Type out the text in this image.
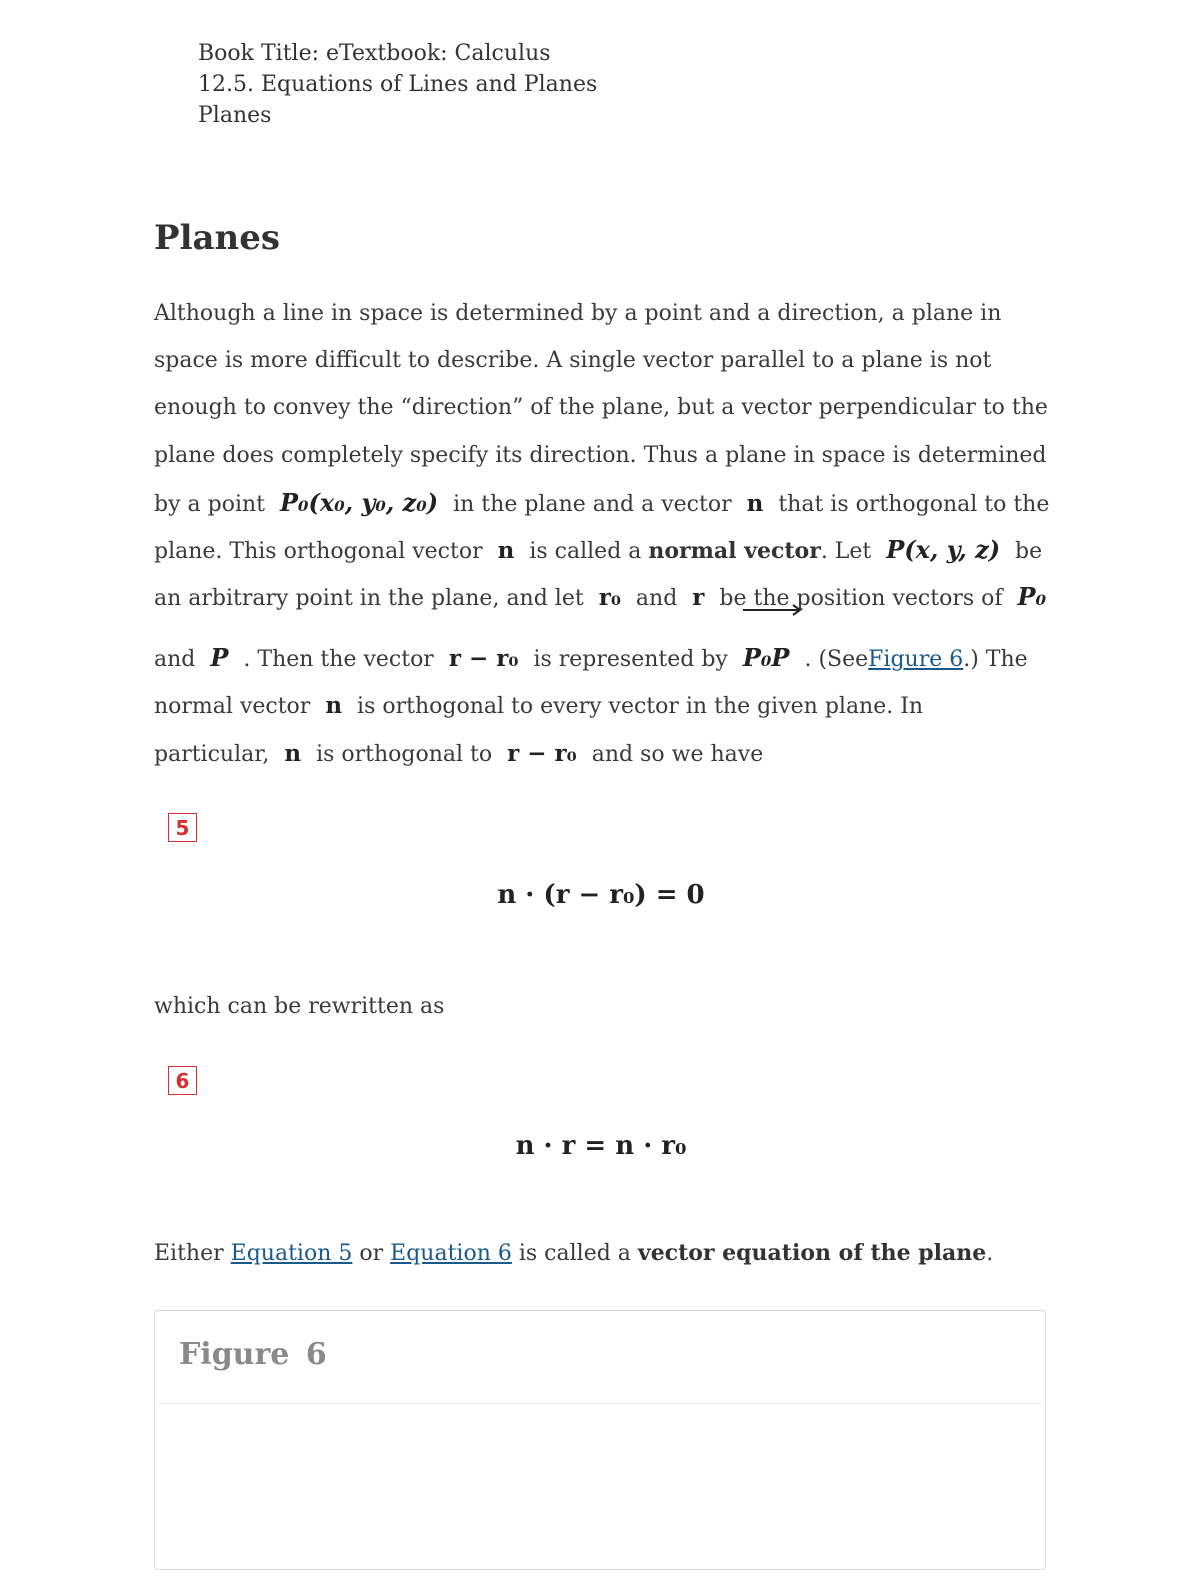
Book Title: eTextbook: Calculus
12.5. Equations of Lines and Planes
Planes
Planes
Although a line in space is determined by a point and a direction, a plane in
space is more difficult to describe. A single vector parallel to a plane is not
enough to convey the “direction” of the plane, but a vector perpendicular to the
plane does completely specify its direction. Thus a plane in space is determined
by a point P₀(x₀, y₀, z₀) in the plane and a vector n that is orthogonal to the
plane. This orthogonal vector n is called a normal vector. Let P(x, y, z) be
an arbitrary point in the plane, and let r₀ and r be the position vectors of P₀
and P . Then the vector r − r₀ is represented by P₀P . (SeeFigure 6.) The
normal vector n is orthogonal to every vector in the given plane. In
particular, n is orthogonal to r − r₀ and so we have
5
n · (r − r₀) = 0
which can be rewritten as
6
n · r = n · r₀
Either Equation 5 or Equation 6 is called a vector equation of the plane.
Figure 6
